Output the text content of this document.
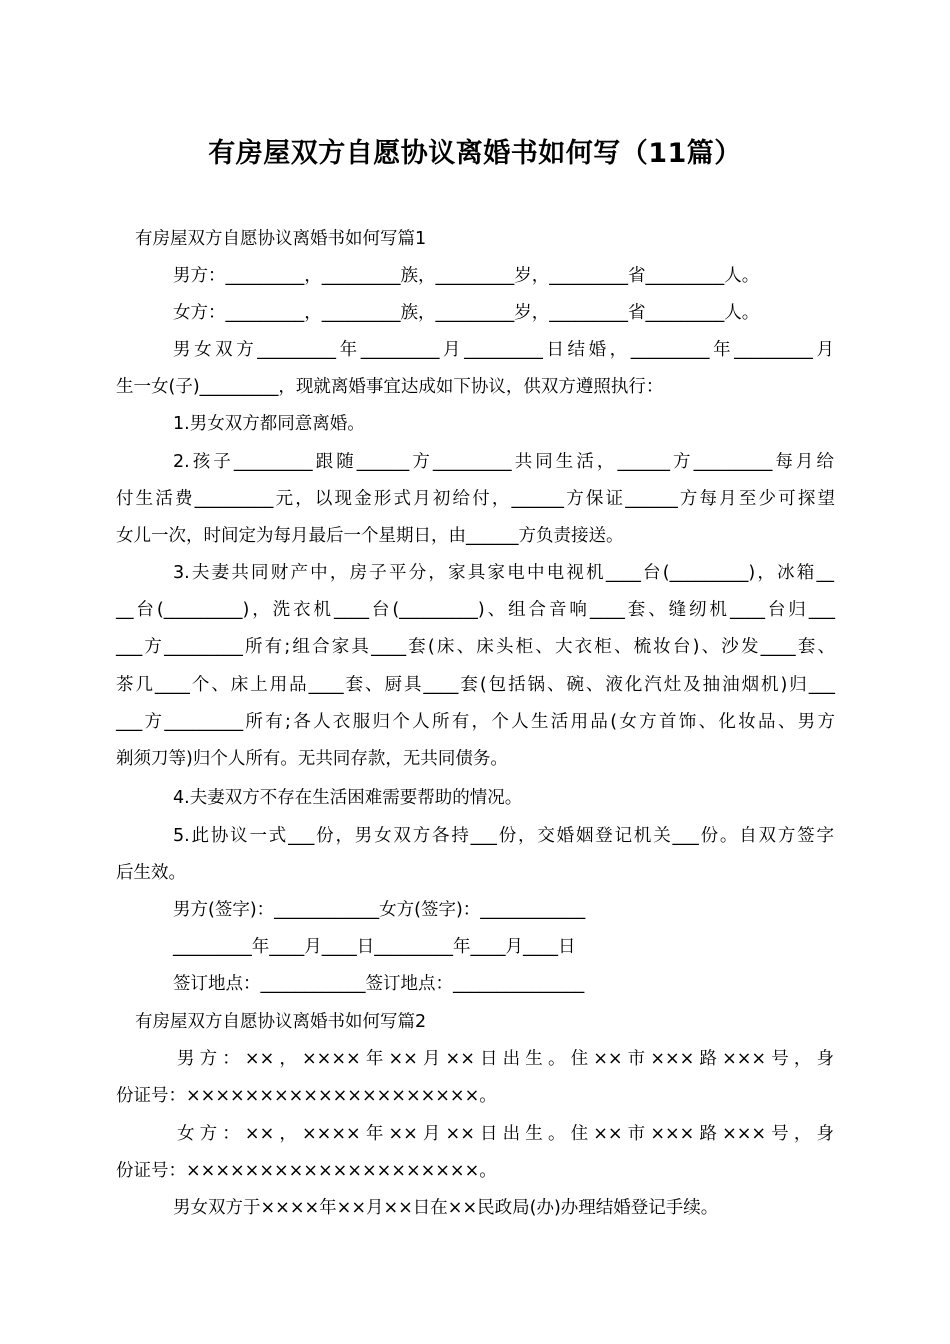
有房屋双方自愿协议离婚书如何写（11篇）
有房屋双方自愿协议离婚书如何写篇1
男方：_________，_________族，_________岁，_________省_________人。
女方：_________，_________族，_________岁，_________省_________人。
男女双方_________年_________月_________日结婚，_________年_________月
生一女(子)_________，现就离婚事宜达成如下协议，供双方遵照执行：
1.男女双方都同意离婚。
2.孩子_________跟随______方_________共同生活，______方_________每月给
付生活费_________元，以现金形式月初给付，______方保证______方每月至少可探望
女儿一次，时间定为每月最后一个星期日，由______方负责接送。
3.夫妻共同财产中，房子平分，家具家电中电视机____台(_________)，冰箱__
__台(_________)，洗衣机____台(_________)、组合音响____套、缝纫机____台归___
___方_________所有;组合家具____套(床、床头柜、大衣柜、梳妆台)、沙发____套、
茶几____个、床上用品____套、厨具____套(包括锅、碗、液化汽灶及抽油烟机)归___
___方_________所有;各人衣服归个人所有，个人生活用品(女方首饰、化妆品、男方
剃须刀等)归个人所有。无共同存款，无共同债务。
4.夫妻双方不存在生活困难需要帮助的情况。
5.此协议一式___份，男女双方各持___份，交婚姻登记机关___份。自双方签字
后生效。
男方(签字)：____________女方(签字)：____________
_________年____月____日_________年____月____日
签订地点：____________签订地点：_______________
有房屋双方自愿协议离婚书如何写篇2
男方：××，××××年××月××日出生。住××市×××路×××号，身
份证号：××××××××××××××××××××。
女方：××，××××年××月××日出生。住××市×××路×××号，身
份证号：××××××××××××××××××××。
男女双方于××××年××月××日在××民政局(办)办理结婚登记手续。
